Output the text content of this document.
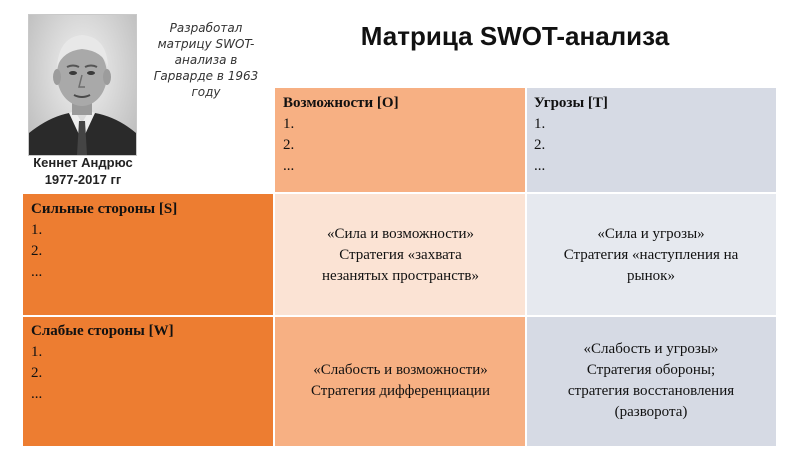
Кеннет Андрюс
1977-2017 гг
Разработал
матрицу SWOT-
анализа в
Гарварде в 1963
году
Матрица SWOT-анализа
Возможности [O]
1.
2.
...
Угрозы [T]
1.
2.
...
Сильные стороны [S]
1.
2.
...
Слабые стороны [W]
1.
2.
...
«Сила и возможности»
Стратегия «захвата
незанятых пространств»
«Сила и угрозы»
Стратегия «наступления на
рынок»
«Слабость и возможности»
Стратегия дифференциации
«Слабость и угрозы»
Стратегия обороны;
стратегия восстановления
(разворота)
